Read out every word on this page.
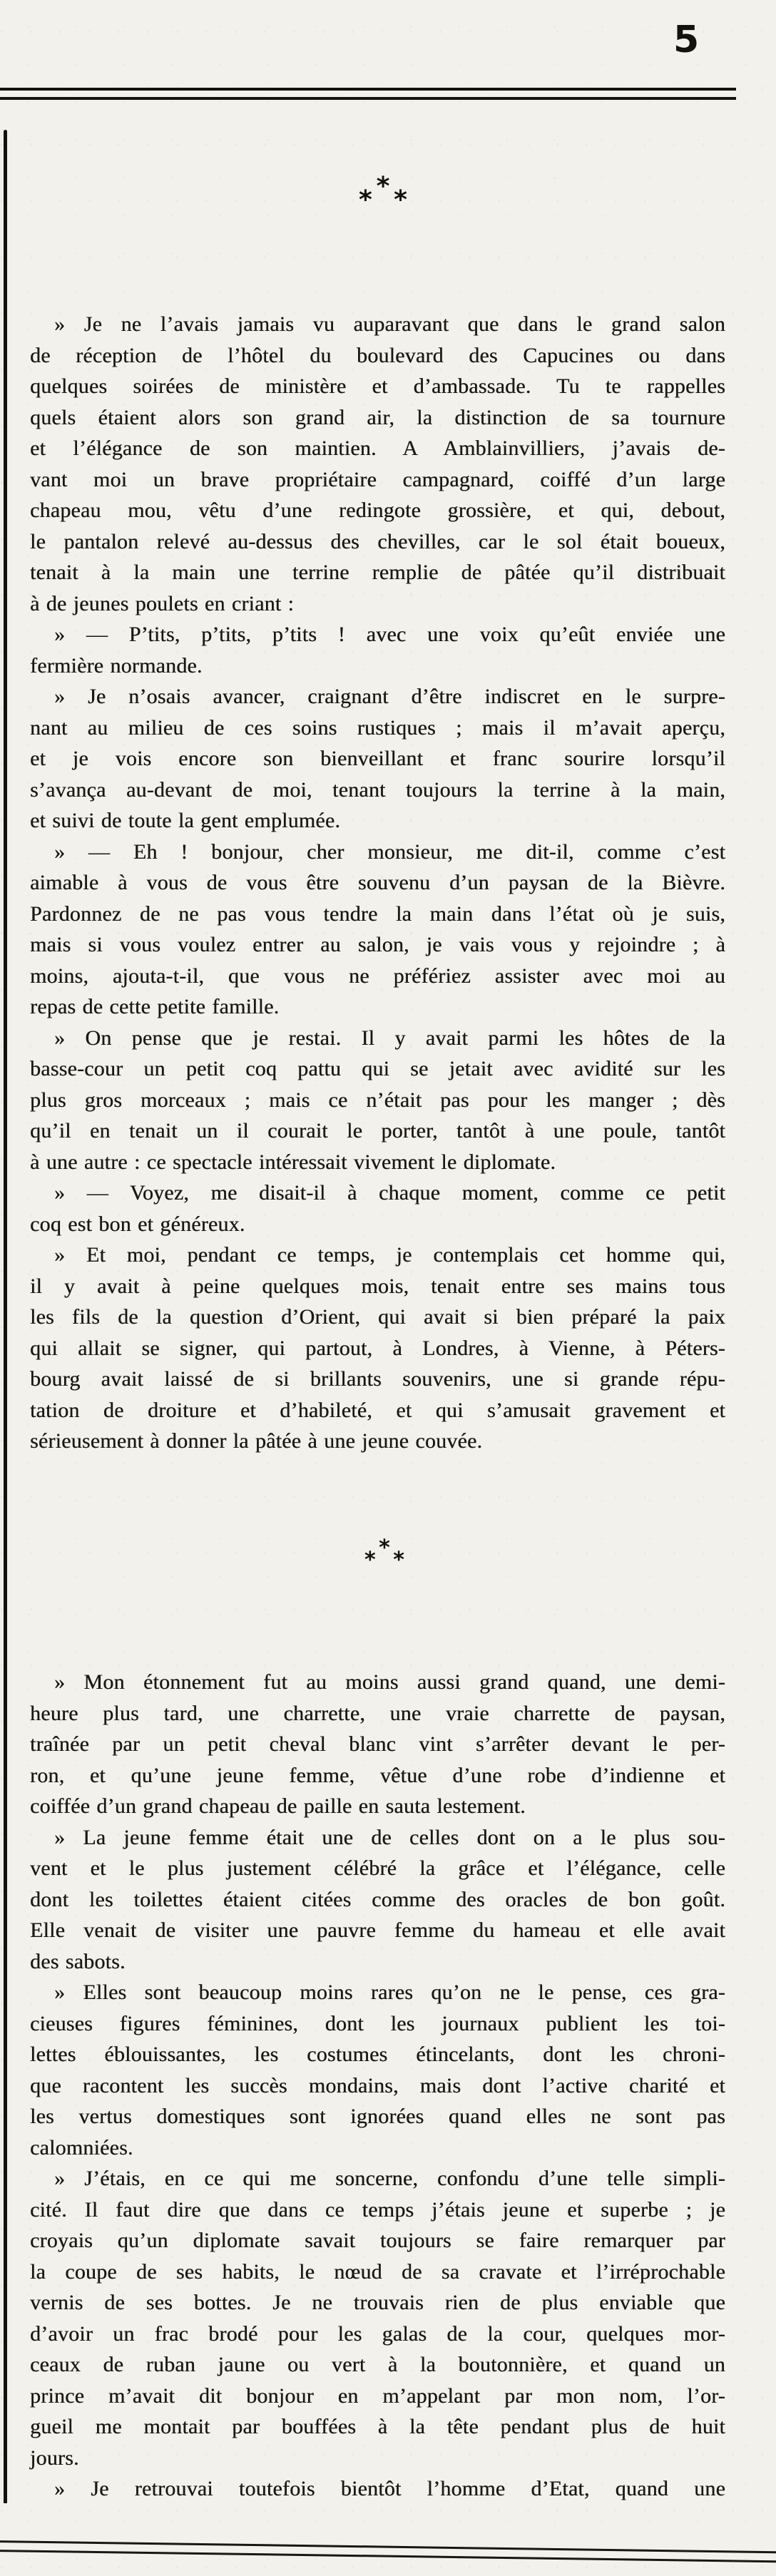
5
*
* *
» Je ne l’avais jamais vu auparavant que dans le grand salon
de réception de l’hôtel du boulevard des Capucines ou dans
quelques soirées de ministère et d’ambassade. Tu te rappelles
quels étaient alors son grand air, la distinction de sa tournure
et l’élégance de son maintien. A Amblainvilliers, j’avais de-
vant moi un brave propriétaire campagnard, coiffé d’un large
chapeau mou, vêtu d’une redingote grossière, et qui, debout,
le pantalon relevé au-dessus des chevilles, car le sol était boueux,
tenait à la main une terrine remplie de pâtée qu’il distribuait
à de jeunes poulets en criant :
» — P’tits, p’tits, p’tits ! avec une voix qu’eût enviée une
fermière normande.
» Je n’osais avancer, craignant d’être indiscret en le surpre-
nant au milieu de ces soins rustiques ; mais il m’avait aperçu,
et je vois encore son bienveillant et franc sourire lorsqu’il
s’avança au-devant de moi, tenant toujours la terrine à la main,
et suivi de toute la gent emplumée.
» — Eh ! bonjour, cher monsieur, me dit-il, comme c’est
aimable à vous de vous être souvenu d’un paysan de la Bièvre.
Pardonnez de ne pas vous tendre la main dans l’état où je suis,
mais si vous voulez entrer au salon, je vais vous y rejoindre ; à
moins, ajouta-t-il, que vous ne préfériez assister avec moi au
repas de cette petite famille.
» On pense que je restai. Il y avait parmi les hôtes de la
basse-cour un petit coq pattu qui se jetait avec avidité sur les
plus gros morceaux ; mais ce n’était pas pour les manger ; dès
qu’il en tenait un il courait le porter, tantôt à une poule, tantôt
à une autre : ce spectacle intéressait vivement le diplomate.
» — Voyez, me disait-il à chaque moment, comme ce petit
coq est bon et généreux.
» Et moi, pendant ce temps, je contemplais cet homme qui,
il y avait à peine quelques mois, tenait entre ses mains tous
les fils de la question d’Orient, qui avait si bien préparé la paix
qui allait se signer, qui partout, à Londres, à Vienne, à Péters-
bourg avait laissé de si brillants souvenirs, une si grande répu-
tation de droiture et d’habileté, et qui s’amusait gravement et
sérieusement à donner la pâtée à une jeune couvée.
*
* *
» Mon étonnement fut au moins aussi grand quand, une demi-
heure plus tard, une charrette, une vraie charrette de paysan,
traînée par un petit cheval blanc vint s’arrêter devant le per-
ron, et qu’une jeune femme, vêtue d’une robe d’indienne et
coiffée d’un grand chapeau de paille en sauta lestement.
» La jeune femme était une de celles dont on a le plus sou-
vent et le plus justement célébré la grâce et l’élégance, celle
dont les toilettes étaient citées comme des oracles de bon goût.
Elle venait de visiter une pauvre femme du hameau et elle avait
des sabots.
» Elles sont beaucoup moins rares qu’on ne le pense, ces gra-
cieuses figures féminines, dont les journaux publient les toi-
lettes éblouissantes, les costumes étincelants, dont les chroni-
que racontent les succès mondains, mais dont l’active charité et
les vertus domestiques sont ignorées quand elles ne sont pas
calomniées.
» J’étais, en ce qui me soncerne, confondu d’une telle simpli-
cité. Il faut dire que dans ce temps j’étais jeune et superbe ; je
croyais qu’un diplomate savait toujours se faire remarquer par
la coupe de ses habits, le nœud de sa cravate et l’irréprochable
vernis de ses bottes. Je ne trouvais rien de plus enviable que
d’avoir un frac brodé pour les galas de la cour, quelques mor-
ceaux de ruban jaune ou vert à la boutonnière, et quand un
prince m’avait dit bonjour en m’appelant par mon nom, l’or-
gueil me montait par bouffées à la tête pendant plus de huit
jours.
» Je retrouvai toutefois bientôt l’homme d’Etat, quand une
